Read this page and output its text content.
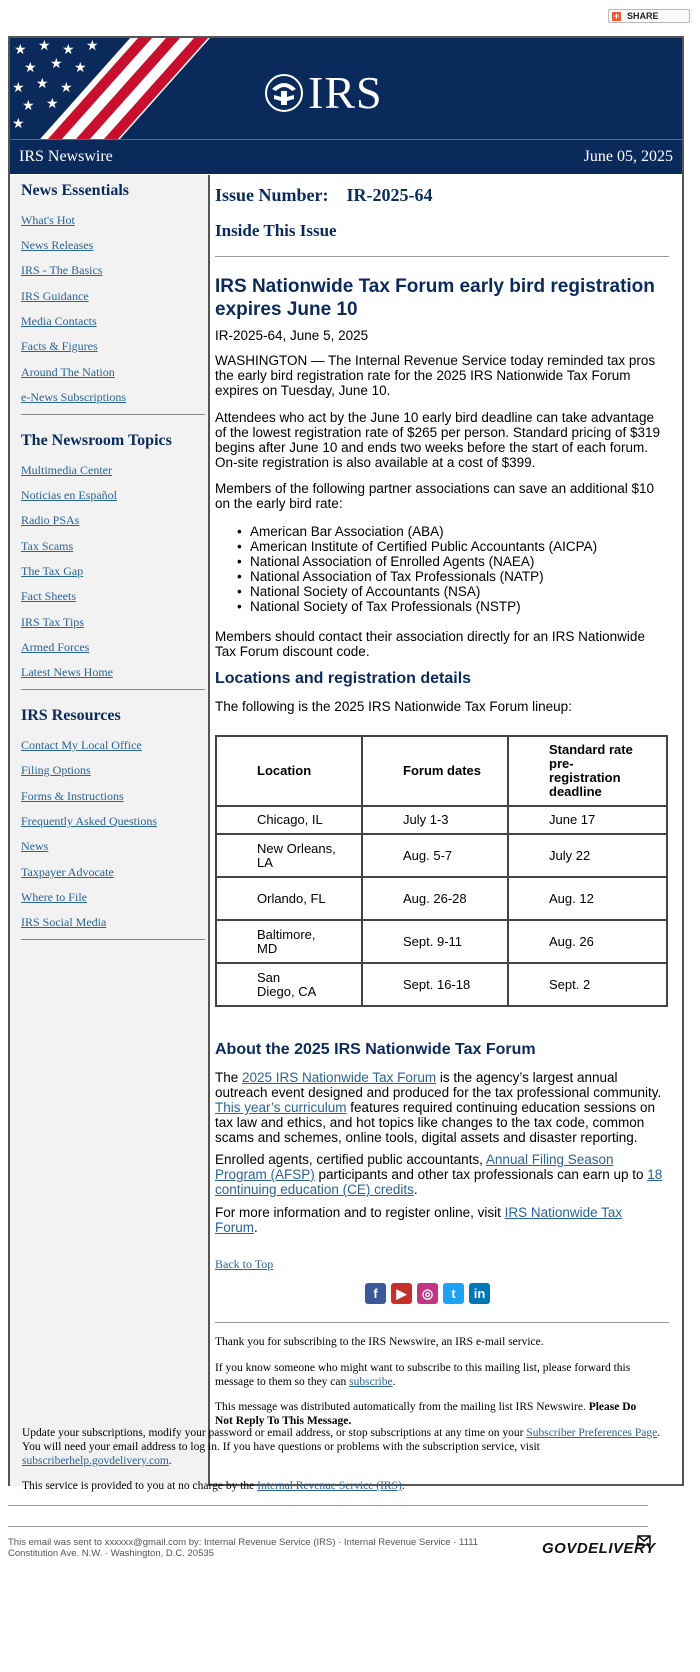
+ SHARE
★ ★ ★ ★
★ ★ ★
★ ★ ★
★ ★
★
IRS
IRS Newswire	June 05, 2025
News Essentials
What's Hot
News Releases
IRS - The Basics
IRS Guidance
Media Contacts
Facts & Figures
Around The Nation
e-News Subscriptions
The Newsroom Topics
Multimedia Center
Noticias en Español
Radio PSAs
Tax Scams
The Tax Gap
Fact Sheets
IRS Tax Tips
Armed Forces
Latest News Home
IRS Resources
Contact My Local Office
Filing Options
Forms & Instructions
Frequently Asked Questions
News
Taxpayer Advocate
Where to File
IRS Social Media
Issue Number: IR-2025-64
Inside This Issue
IRS Nationwide Tax Forum early bird registration expires June 10
IR-2025-64, June 5, 2025
WASHINGTON — The Internal Revenue Service today reminded tax pros the early bird registration rate for the 2025 IRS Nationwide Tax Forum expires on Tuesday, June 10.
Attendees who act by the June 10 early bird deadline can take advantage of the lowest registration rate of $265 per person. Standard pricing of $319 begins after June 10 and ends two weeks before the start of each forum. On-site registration is also available at a cost of $399.
Members of the following partner associations can save an additional $10 on the early bird rate:
• American Bar Association (ABA)
• American Institute of Certified Public Accountants (AICPA)
• National Association of Enrolled Agents (NAEA)
• National Association of Tax Professionals (NATP)
• National Society of Accountants (NSA)
• National Society of Tax Professionals (NSTP)
Members should contact their association directly for an IRS Nationwide Tax Forum discount code.
Locations and registration details
The following is the 2025 IRS Nationwide Tax Forum lineup:
Location	Forum dates	Standard rate pre-registration deadline
Chicago, IL	July 1-3	June 17
New Orleans, LA	Aug. 5-7	July 22
Orlando, FL	Aug. 26-28	Aug. 12
Baltimore, MD	Sept. 9-11	Aug. 26
San Diego, CA	Sept. 16-18	Sept. 2
About the 2025 IRS Nationwide Tax Forum
The 2025 IRS Nationwide Tax Forum is the agency’s largest annual outreach event designed and produced for the tax professional community. This year’s curriculum features required continuing education sessions on tax law and ethics, and hot topics like changes to the tax code, common scams and schemes, online tools, digital assets and disaster reporting.
Enrolled agents, certified public accountants, Annual Filing Season Program (AFSP) participants and other tax professionals can earn up to 18 continuing education (CE) credits.
For more information and to register online, visit IRS Nationwide Tax Forum.
Back to Top
f	▶	◎	t	in
Thank you for subscribing to the IRS Newswire, an IRS e-mail service.
If you know someone who might want to subscribe to this mailing list, please forward this message to them so they can subscribe.
This message was distributed automatically from the mailing list IRS Newswire. Please Do Not Reply To This Message.
Update your subscriptions, modify your password or email address, or stop subscriptions at any time on your Subscriber Preferences Page. You will need your email address to log in. If you have questions or problems with the subscription service, visit subscriberhelp.govdelivery.com.
This service is provided to you at no charge by the Internal Revenue Service (IRS).
This email was sent to xxxxxx@gmail.com by: Internal Revenue Service (IRS) · Internal Revenue Service · 1111 Constitution Ave. N.W. · Washington, D.C. 20535	GOVDELIVERY
